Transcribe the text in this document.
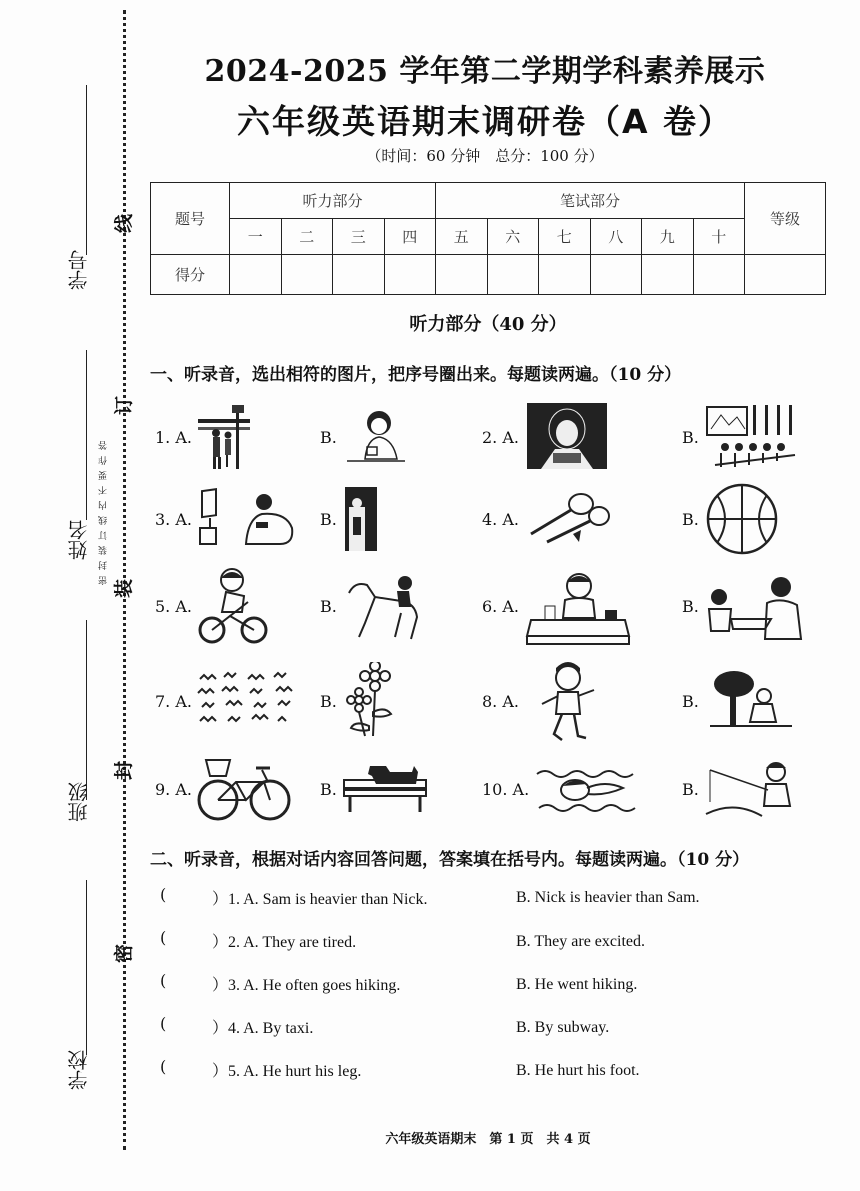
学号
姓名
班级
学校
线
订
装
封
密
密封装订线内不要作答
2024-2025 学年第二学期学科素养展示
六年级英语期末调研卷（A 卷）
（时间：60 分钟　总分：100 分）
题号	听力部分				笔试部分						等级
	一	二	三	四	五	六	七	八	九	十	
得分											
听力部分（40 分）
一、听录音，选出相符的图片，把序号圈出来。每题读两遍。（10 分）
1. A.	B.	2. A.	B.
3. A.	B.	4. A.	B.
5. A.	B.	6. A.	B.
7. A.	B.	8. A.	B.
9. A.	B.	10. A.	B.
二、听录音，根据对话内容回答问题，答案填在括号内。每题读两遍。（10 分）
(	）1. A. Sam is heavier than Nick.	B. Nick is heavier than Sam.
(	）2. A. They are tired.	B. They are excited.
(	）3. A. He often goes hiking.	B. He went hiking.
(	）4. A. By taxi.	B. By subway.
(	）5. A. He hurt his leg.	B. He hurt his foot.
六年级英语期末　第 1 页　共 4 页
